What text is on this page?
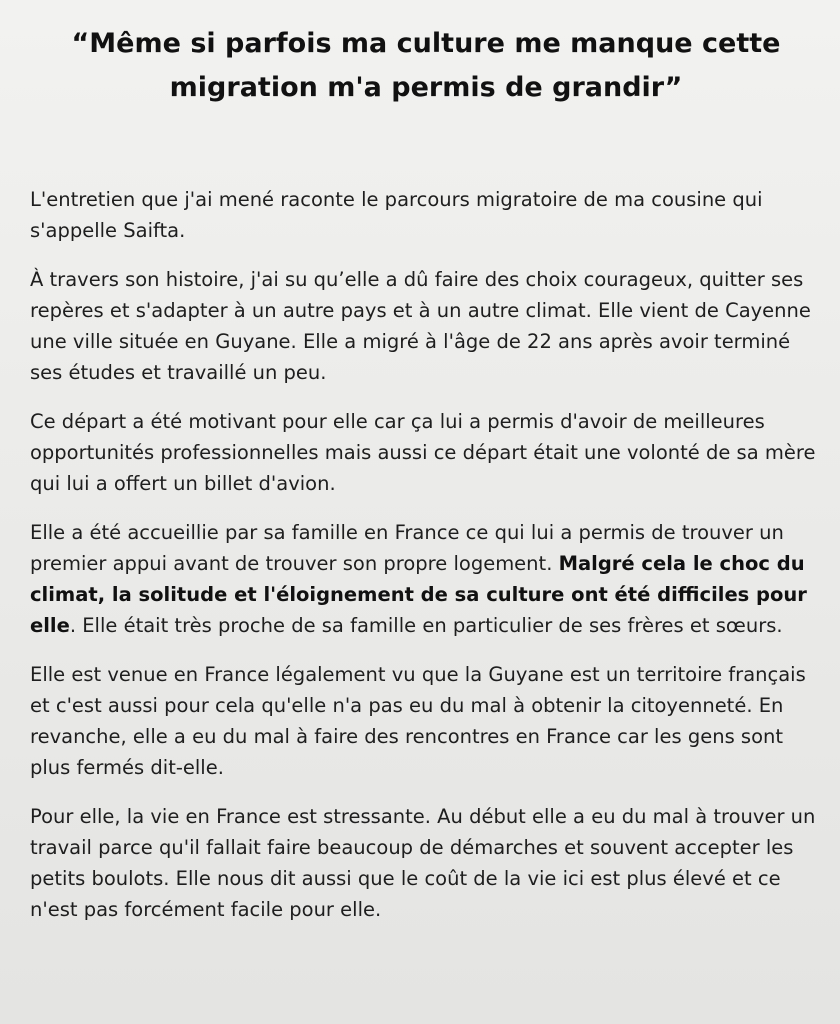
“Même si parfois ma culture me manque cette migration m'a permis de grandir”

L'entretien que j'ai mené raconte le parcours migratoire de ma cousine qui s'appelle Saifta.

À travers son histoire, j'ai su qu’elle a dû faire des choix courageux, quitter ses repères et s'adapter à un autre pays et à un autre climat. Elle vient de Cayenne une ville située en Guyane. Elle a migré à l'âge de 22 ans après avoir terminé ses études et travaillé un peu.

Ce départ a été motivant pour elle car ça lui a permis d'avoir de meilleures opportunités professionnelles mais aussi ce départ était une volonté de sa mère qui lui a offert un billet d'avion.

Elle a été accueillie par sa famille en France ce qui lui a permis de trouver un premier appui avant de trouver son propre logement. Malgré cela le choc du climat, la solitude et l'éloignement de sa culture ont été difficiles pour elle. Elle était très proche de sa famille en particulier de ses frères et sœurs.

Elle est venue en France légalement vu que la Guyane est un territoire français et c'est aussi pour cela qu'elle n'a pas eu du mal à obtenir la citoyenneté. En revanche, elle a eu du mal à faire des rencontres en France car les gens sont plus fermés dit-elle.

Pour elle, la vie en France est stressante. Au début elle a eu du mal à trouver un travail parce qu'il fallait faire beaucoup de démarches et souvent accepter les petits boulots. Elle nous dit aussi que le coût de la vie ici est plus élevé et ce n'est pas forcément facile pour elle.
